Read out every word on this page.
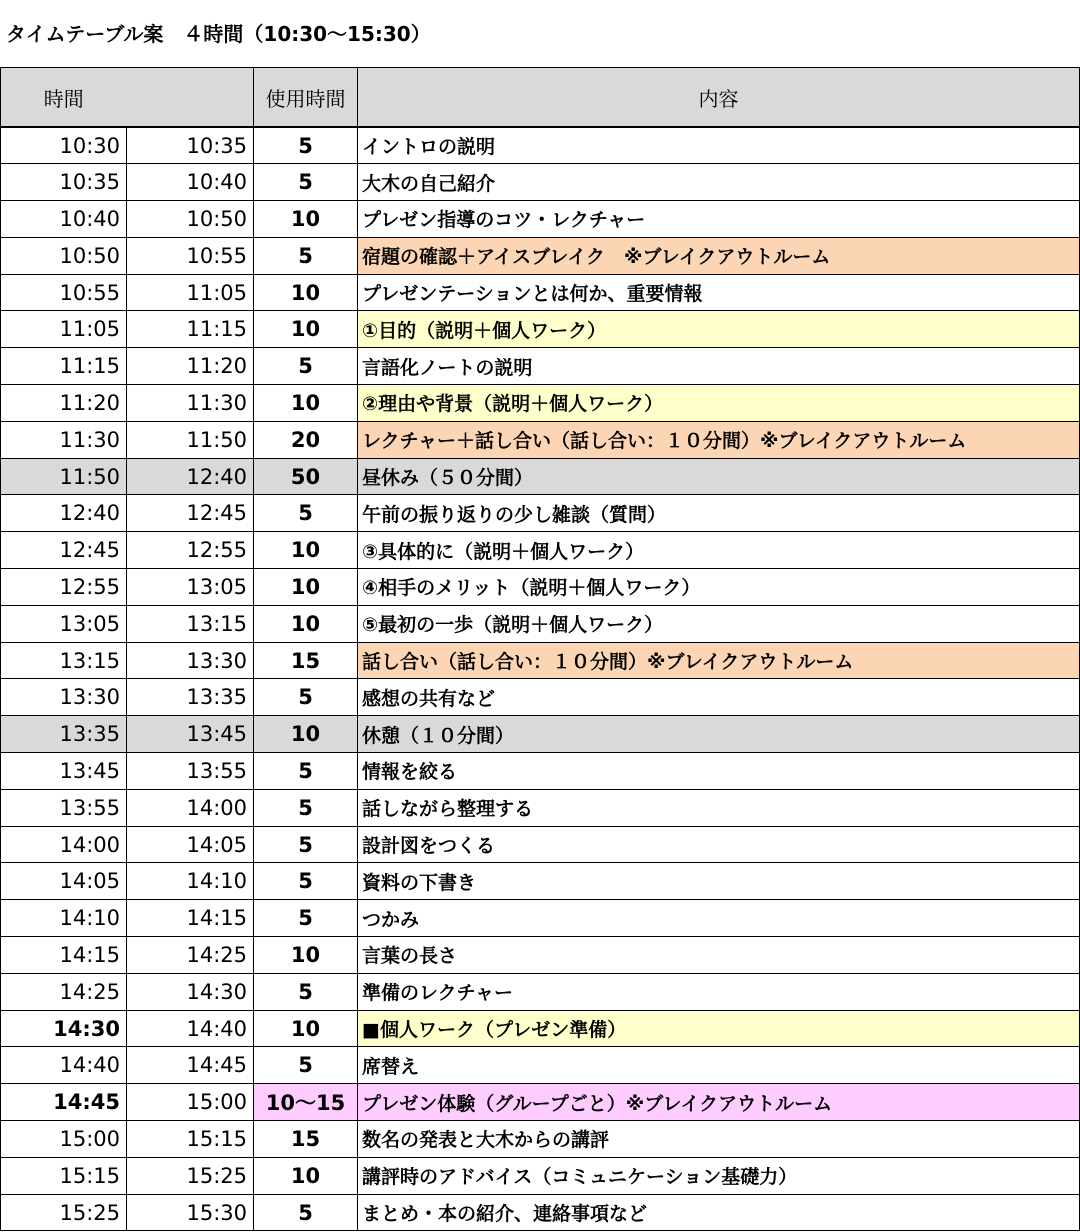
タイムテーブル案　４時間（10:30～15:30）
時間		使用時間	内容
10:30	10:35	5	イントロの説明
10:35	10:40	5	大木の自己紹介
10:40	10:50	10	プレゼン指導のコツ・レクチャー
10:50	10:55	5	宿題の確認＋アイスブレイク　※ブレイクアウトルーム
10:55	11:05	10	プレゼンテーションとは何か、重要情報
11:05	11:15	10	①目的（説明＋個人ワーク）
11:15	11:20	5	言語化ノートの説明
11:20	11:30	10	②理由や背景（説明＋個人ワーク）
11:30	11:50	20	レクチャー＋話し合い（話し合い：１０分間）※ブレイクアウトルーム
11:50	12:40	50	昼休み（５０分間）
12:40	12:45	5	午前の振り返りの少し雑談（質問）
12:45	12:55	10	③具体的に（説明＋個人ワーク）
12:55	13:05	10	④相手のメリット（説明＋個人ワーク）
13:05	13:15	10	⑤最初の一歩（説明＋個人ワーク）
13:15	13:30	15	話し合い（話し合い：１０分間）※ブレイクアウトルーム
13:30	13:35	5	感想の共有など
13:35	13:45	10	休憩（１０分間）
13:45	13:55	5	情報を絞る
13:55	14:00	5	話しながら整理する
14:00	14:05	5	設計図をつくる
14:05	14:10	5	資料の下書き
14:10	14:15	5	つかみ
14:15	14:25	10	言葉の長さ
14:25	14:30	5	準備のレクチャー
14:30	14:40	10	■個人ワーク（プレゼン準備）
14:40	14:45	5	席替え
14:45	15:00	10～15	プレゼン体験（グループごと）※ブレイクアウトルーム
15:00	15:15	15	数名の発表と大木からの講評
15:15	15:25	10	講評時のアドバイス（コミュニケーション基礎力）
15:25	15:30	5	まとめ・本の紹介、連絡事項など
